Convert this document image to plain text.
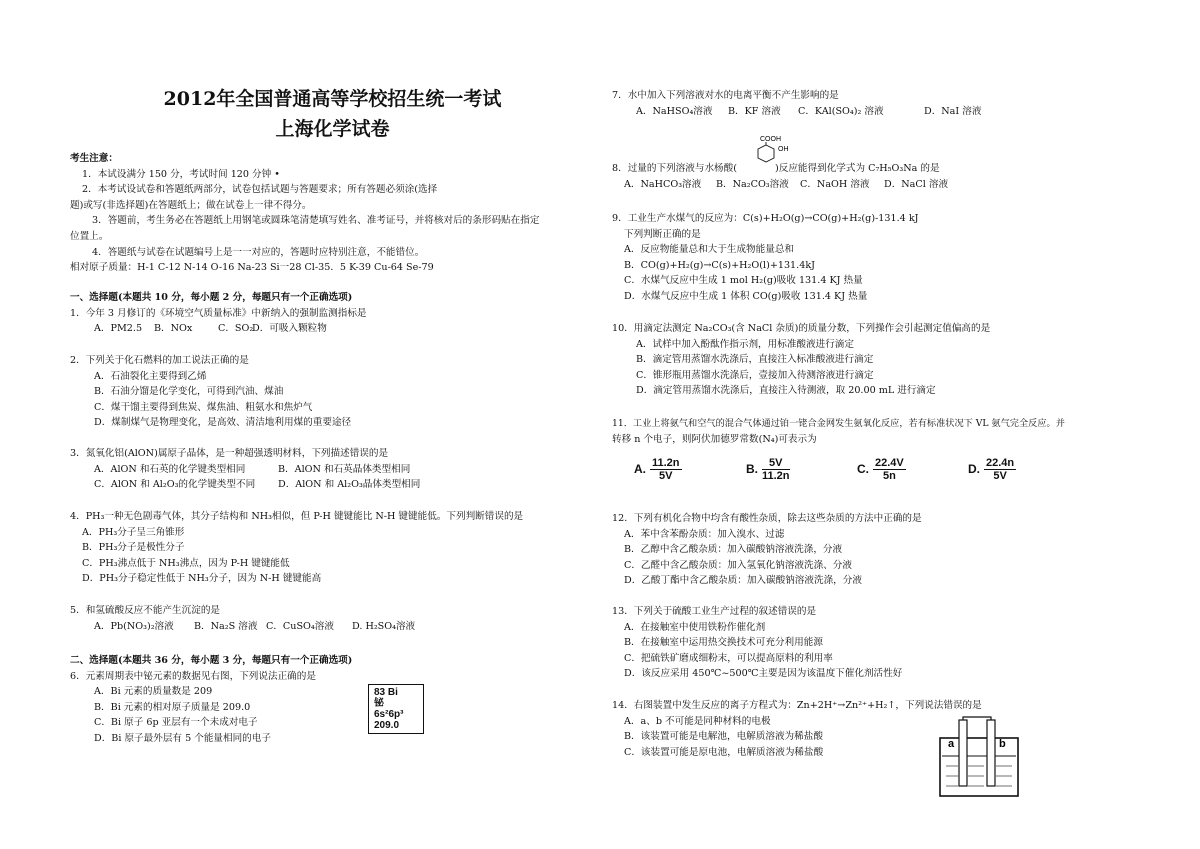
2012年全国普通高等学校招生统一考试
上海化学试卷
考生注意：
1．本试设满分 150 分，考试时间 120 分钟 •
2．本考试设试卷和答题纸两部分，试卷包括试题与答题要求；所有答题必须涂(选择
题)或写(非选择题)在答题纸上；做在试卷上一律不得分。
3．答题前，考生务必在答题纸上用钢笔或圆珠笔清楚填写姓名、准考证号，并将核对后的条形码贴在指定
位置上。
4．答题纸与试卷在试题编号上是一一对应的，答题时应特别注意，不能错位。
相对原子质量：H-1 C-12 N-14 O-16 Na-23 Si一28 Cl-35．5 K-39 Cu-64 Se-79
一、选择题(本题共 10 分，每小题 2 分，每题只有一个正确选项)
1．今年 3 月修订的《环境空气质量标准》中新纳入的强制监测指标是
A．PM2.5 B．NOx	C．SO₂D．可吸入颗粒物
2．下列关于化石燃料的加工说法正确的是
A．石油裂化主要得到乙烯
B．石油分馏是化学变化，可得到汽油、煤油
C．煤干馏主要得到焦炭、煤焦油、粗氨水和焦炉气
D．煤制煤气是物理变化，是高效、清洁地利用煤的重要途径
3．氮氧化铝(AlON)属原子晶体，是一种超强透明材料，下列描述错误的是
A．AlON 和石英的化学键类型相同	B．AlON 和石英晶体类型相同
C．AlON 和 Al₂O₃的化学键类型不同 D．AlON 和 Al₂O₃晶体类型相同
4．PH₃一种无色剧毒气体，其分子结构和 NH₃相似，但 P-H 键键能比 N-H 键键能低。下列判断错误的是
A．PH₃分子呈三角锥形
B．PH₃分子是极性分子
C．PH₃沸点低于 NH₃沸点，因为 P-H 键键能低
D．PH₃分子稳定性低于 NH₃分子，因为 N-H 键键能高
5．和氢硫酸反应不能产生沉淀的是
A．Pb(NO₃)₂溶液 B．Na₂S 溶液 C．CuSO₄溶液 D. H₂SO₄溶液
二、选择题(本题共 36 分，每小题 3 分，每题只有一个正确选项)
6．元素周期表中铋元素的数据见右图，下列说法正确的是
A．Bi 元素的质量数是 209
B．Bi 元素的相对原子质量是 209.0
C．Bi 原子 6p 亚层有一个未成对电子
D．Bi 原子最外层有 5 个能量相同的电子
83 Bi
铋
6s²6p³
209.0
7．水中加入下列溶液对水的电离平衡不产生影响的是
A．NaHSO₄溶液 B．KF 溶液 C．KAl(SO₄)₂ 溶液	D．NaI 溶液
COOH
OH
8．过量的下列溶液与水杨酸(	)反应能得到化学式为 C₇H₅O₃Na 的是
A．NaHCO₃溶液 B．Na₂CO₃溶液 C．NaOH 溶液 D．NaCl 溶液
9．工业生产水煤气的反应为：C(s)+H₂O(g)→CO(g)+H₂(g)-131.4 kJ
下列判断正确的是
A．反应物能量总和大于生成物能量总和
B．CO(g)+H₂(g)→C(s)+H₂O(l)+131.4kJ
C．水煤气反应中生成 1 mol H₂(g)吸收 131.4 KJ 热量
D．水煤气反应中生成 1 体积 CO(g)吸收 131.4 KJ 热量
10．用滴定法测定 Na₂CO₃(含 NaCl 杂质)的质量分数，下列操作会引起测定值偏高的是
A．试样中加入酚酞作指示剂，用标准酸液进行滴定
B．滴定管用蒸馏水洗涤后，直接注入标准酸液进行滴定
C．锥形瓶用蒸馏水洗涤后，壹接加入待测溶液进行滴定
D．滴定管用蒸馏水洗涤后，直接注入待测液，取 20.00 mL 进行滴定
11．工业上将氨气和空气的混合气体通过铂一铑合金网发生氨氧化反应，若有标准状况下 VL 氨气完全反应。并
转移 n 个电子，则阿伏加德罗常数(N₄)可表示为
A. $\frac{11.2n}{5V}$	B. $\frac{5V}{11.2n}$	C. $\frac{22.4V}{5n}$	D. $\frac{22.4n}{5V}$
12．下列有机化合物中均含有酸性杂质，除去这些杂质的方法中正确的是
A．苯中含苯酚杂质：加入溴水、过滤
B．乙醇中含乙酸杂质：加入碳酸钠溶液洗涤，分液
C．乙醛中含乙酸杂质：加入氢氧化钠溶液洗涤、分液
D．乙酸丁酯中含乙酸杂质：加入碳酸钠溶液洗涤，分液
13．下列关于硫酸工业生产过程的叙述错误的是
A．在接触室中使用铁粉作催化剂
B．在接触室中运用热交换技术可充分利用能源
C．把硫铁矿磨成细粉末，可以提高原料的利用率
D．该反应采用 450℃~500℃主要是因为该温度下催化剂活性好
14．右图装置中发生反应的离子方程式为：Zn+2H⁺→Zn²⁺+H₂↑，下列说法错误的是
A．a、b 不可能是同种材料的电极
B．该装置可能是电解池，电解质溶液为稀盐酸
C．该装置可能是原电池，电解质溶液为稀盐酸
a	b
